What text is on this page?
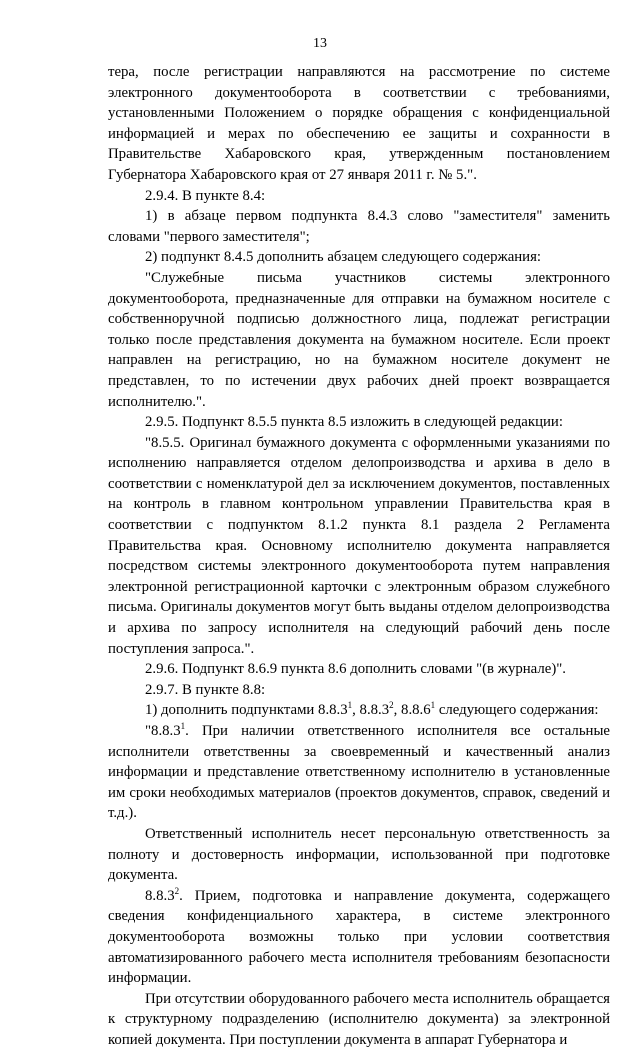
13

тера, после регистрации направляются на рассмотрение по системе электронного документооборота в соответствии с требованиями, установленными Положением о порядке обращения с конфиденциальной информацией и мерах по обеспечению ее защиты и сохранности в Правительстве Хабаровского края, утвержденным постановлением Губернатора Хабаровского края от 27 января 2011 г. № 5.".

2.9.4. В пункте 8.4:

1) в абзаце первом подпункта 8.4.3 слово "заместителя" заменить словами "первого заместителя";

2) подпункт 8.4.5 дополнить абзацем следующего содержания:

"Служебные письма участников системы электронного документооборота, предназначенные для отправки на бумажном носителе с собственноручной подписью должностного лица, подлежат регистрации только после представления документа на бумажном носителе. Если проект направлен на регистрацию, но на бумажном носителе документ не представлен, то по истечении двух рабочих дней проект возвращается исполнителю.".

2.9.5. Подпункт 8.5.5 пункта 8.5 изложить в следующей редакции:

"8.5.5. Оригинал бумажного документа с оформленными указаниями по исполнению направляется отделом делопроизводства и архива в дело в соответствии с номенклатурой дел за исключением документов, поставленных на контроль в главном контрольном управлении Правительства края в соответствии с подпунктом 8.1.2 пункта 8.1 раздела 2 Регламента Правительства края. Основному исполнителю документа направляется посредством системы электронного документооборота путем направления электронной регистрационной карточки с электронным образом служебного письма. Оригиналы документов могут быть выданы отделом делопроизводства и архива по запросу исполнителя на следующий рабочий день после поступления запроса.".

2.9.6. Подпункт 8.6.9 пункта 8.6 дополнить словами "(в журнале)".

2.9.7. В пункте 8.8:

1) дополнить подпунктами 8.8.3$^1$, 8.8.3$^2$, 8.8.6$^1$ следующего содержания:

"8.8.3$^1$. При наличии ответственного исполнителя все остальные исполнители ответственны за своевременный и качественный анализ информации и представление ответственному исполнителю в установленные им сроки необходимых материалов (проектов документов, справок, сведений и т.д.).

Ответственный исполнитель несет персональную ответственность за полноту и достоверность информации, использованной при подготовке документа.

8.8.3$^2$. Прием, подготовка и направление документа, содержащего сведения конфиденциального характера, в системе электронного документооборота возможны только при условии соответствия автоматизированного рабочего места исполнителя требованиям безопасности информации.

При отсутствии оборудованного рабочего места исполнитель обращается к структурному подразделению (исполнителю документа) за электронной копией документа. При поступлении документа в аппарат Губернатора и
